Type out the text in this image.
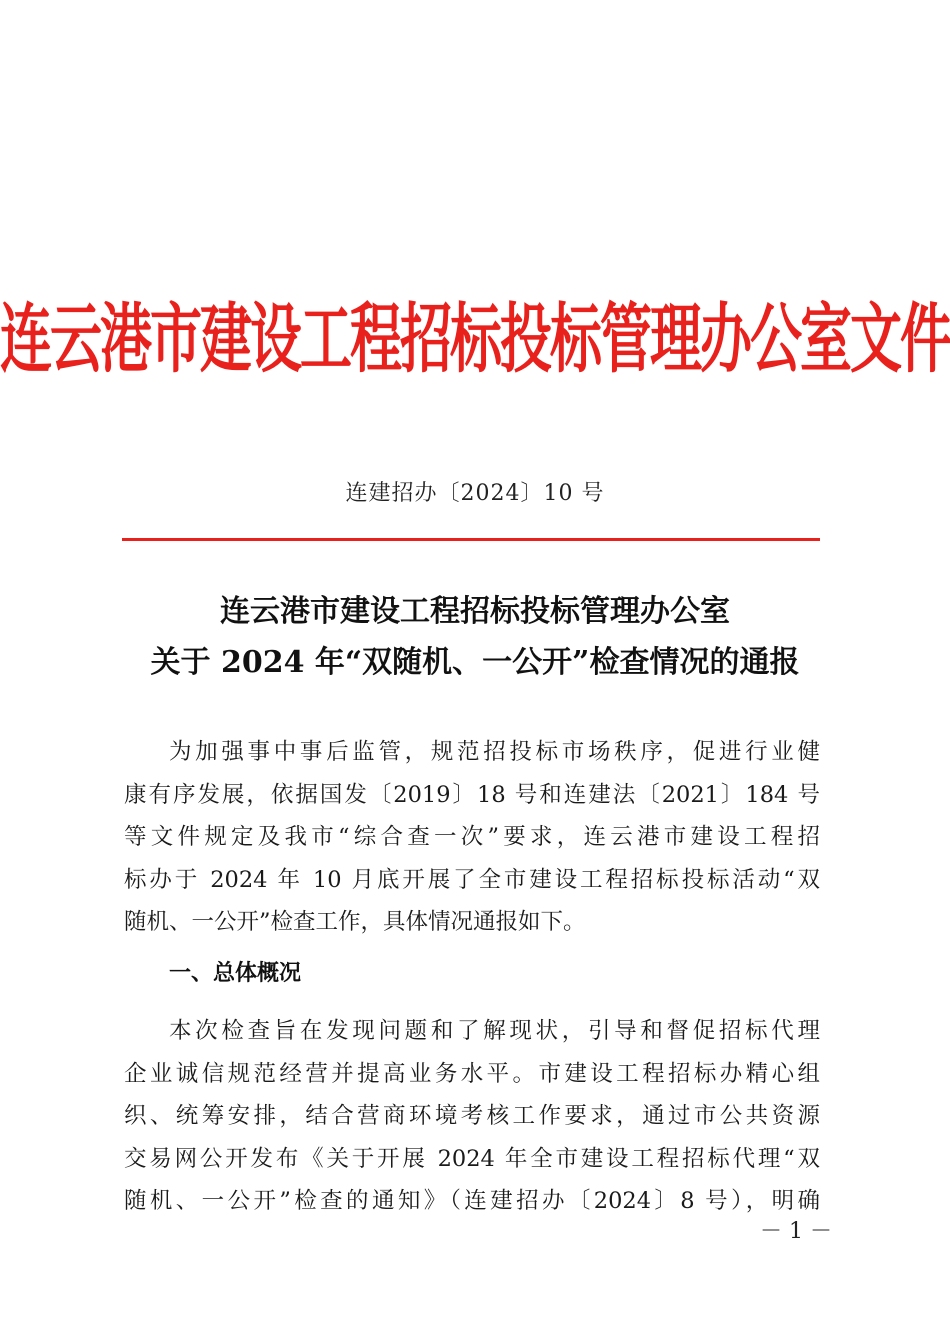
连云港市建设工程招标投标管理办公室文件
连建招办〔2024〕10 号
连云港市建设工程招标投标管理办公室
关于 2024 年“双随机、一公开”检查情况的通报
为加强事中事后监管，规范招投标市场秩序，促进行业健
康有序发展，依据国发〔2019〕18 号和连建法〔2021〕184 号
等文件规定及我市“综合查一次”要求，连云港市建设工程招
标办于 2024 年 10 月底开展了全市建设工程招标投标活动“双
随机、一公开”检查工作，具体情况通报如下。
一、总体概况
本次检查旨在发现问题和了解现状，引导和督促招标代理
企业诚信规范经营并提高业务水平。市建设工程招标办精心组
织、统筹安排，结合营商环境考核工作要求，通过市公共资源
交易网公开发布《关于开展 2024 年全市建设工程招标代理“双
随机、一公开”检查的通知》（连建招办〔2024〕8 号），明确
－ 1 －
